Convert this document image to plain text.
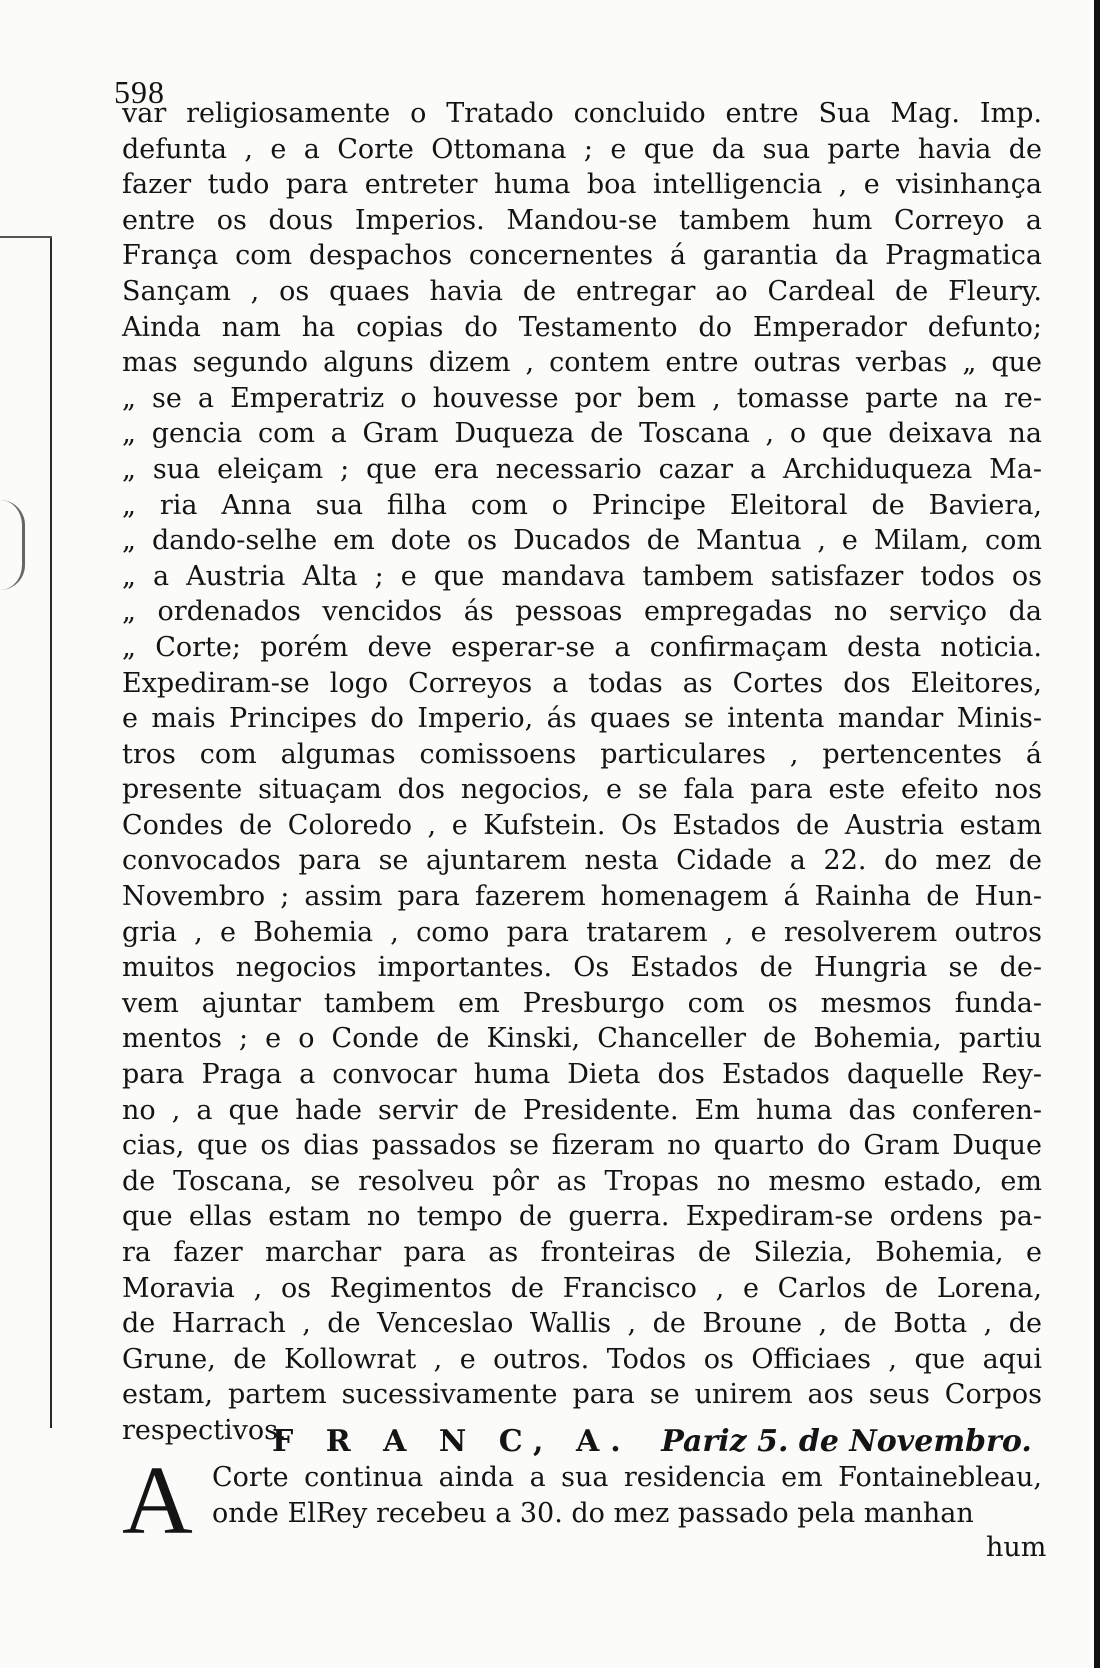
598
var religiosamente o Tratado concluido entre Sua Mag. Imp.
defunta , e a Corte Ottomana ; e que da sua parte havia de
fazer tudo para entreter huma boa intelligencia , e visinhança
entre os dous Imperios. Mandou-se tambem hum Correyo a
França com despachos concernentes á garantia da Pragmatica
Sançam , os quaes havia de entregar ao Cardeal de Fleury.
Ainda nam ha copias do Testamento do Emperador defunto;
mas segundo alguns dizem , contem entre outras verbas „ que
„ se a Emperatriz o houvesse por bem , tomasse parte na re-
„ gencia com a Gram Duqueza de Toscana , o que deixava na
„ sua eleiçam ; que era necessario cazar a Archiduqueza Ma-
„ ria Anna sua filha com o Principe Eleitoral de Baviera,
„ dando-selhe em dote os Ducados de Mantua , e Milam, com
„ a Austria Alta ; e que mandava tambem satisfazer todos os
„ ordenados vencidos ás pessoas empregadas no serviço da
„ Corte; porém deve esperar-se a confirmaçam desta noticia.
Expediram-se logo Correyos a todas as Cortes dos Eleitores,
e mais Principes do Imperio, ás quaes se intenta mandar Minis-
tros com algumas comissoens particulares , pertencentes á
presente situaçam dos negocios, e se fala para este efeito nos
Condes de Coloredo , e Kufstein. Os Estados de Austria estam
convocados para se ajuntarem nesta Cidade a 22. do mez de
Novembro ; assim para fazerem homenagem á Rainha de Hun-
gria , e Bohemia , como para tratarem , e resolverem outros
muitos negocios importantes. Os Estados de Hungria se de-
vem ajuntar tambem em Presburgo com os mesmos funda-
mentos ; e o Conde de Kinski, Chanceller de Bohemia, partiu
para Praga a convocar huma Dieta dos Estados daquelle Rey-
no , a que hade servir de Presidente. Em huma das conferen-
cias, que os dias passados se fizeram no quarto do Gram Duque
de Toscana, se resolveu pôr as Tropas no mesmo estado, em
que ellas estam no tempo de guerra. Expediram-se ordens pa-
ra fazer marchar para as fronteiras de Silezia, Bohemia, e
Moravia , os Regimentos de Francisco , e Carlos de Lorena,
de Harrach , de Venceslao Wallis , de Broune , de Botta , de
Grune, de Kollowrat , e outros. Todos os Officiaes , que aqui
estam, partem sucessivamente para se unirem aos seus Corpos
respectivos.
F R A N C, A. Pariz 5. de Novembro.
A Corte continua ainda a sua residencia em Fontainebleau,
onde ElRey recebeu a 30. do mez passado pela manhan
hum
